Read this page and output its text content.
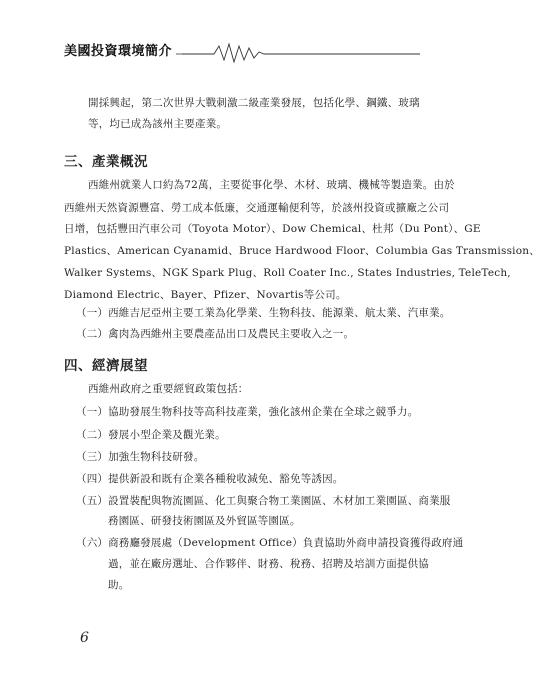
美國投資環境簡介
開採興起，第二次世界大戰刺激二級產業發展，包括化學、鋼鐵、玻璃
等，均已成為該州主要產業。
三、產業概況
西維州就業人口約為72萬，主要從事化學、木材、玻璃、機械等製造業。由於
西維州天然資源豐富、勞工成本低廉，交通運輸便利等，於該州投資或擴廠之公司
日增，包括豐田汽車公司（Toyota Motor）、Dow Chemical、杜邦（Du Pont）、GE
Plastics、American Cyanamid、Bruce Hardwood Floor、Columbia Gas Transmission、
Walker Systems、NGK Spark Plug、Roll Coater Inc., States Industries, TeleTech,
Diamond Electric、Bayer、Pfizer、Novartis等公司。
（一）西維吉尼亞州主要工業為化學業、生物科技、能源業、航太業、汽車業。
（二）禽肉為西維州主要農產品出口及農民主要收入之一。
四、經濟展望
西維州政府之重要經貿政策包括：
（一）協助發展生物科技等高科技產業，強化該州企業在全球之競爭力。
（二）發展小型企業及觀光業。
（三）加強生物科技研發。
（四）提供新設和既有企業各種稅收減免、豁免等誘因。
（五）設置裝配與物流園區、化工與聚合物工業園區、木材加工業園區、商業服
務園區、研發技術園區及外貿區等園區。
（六）商務廳發展處（Development Office）負責協助外商申請投資獲得政府通
過，並在廠房選址、合作夥伴、財務、稅務、招聘及培訓方面提供協
助。
6
